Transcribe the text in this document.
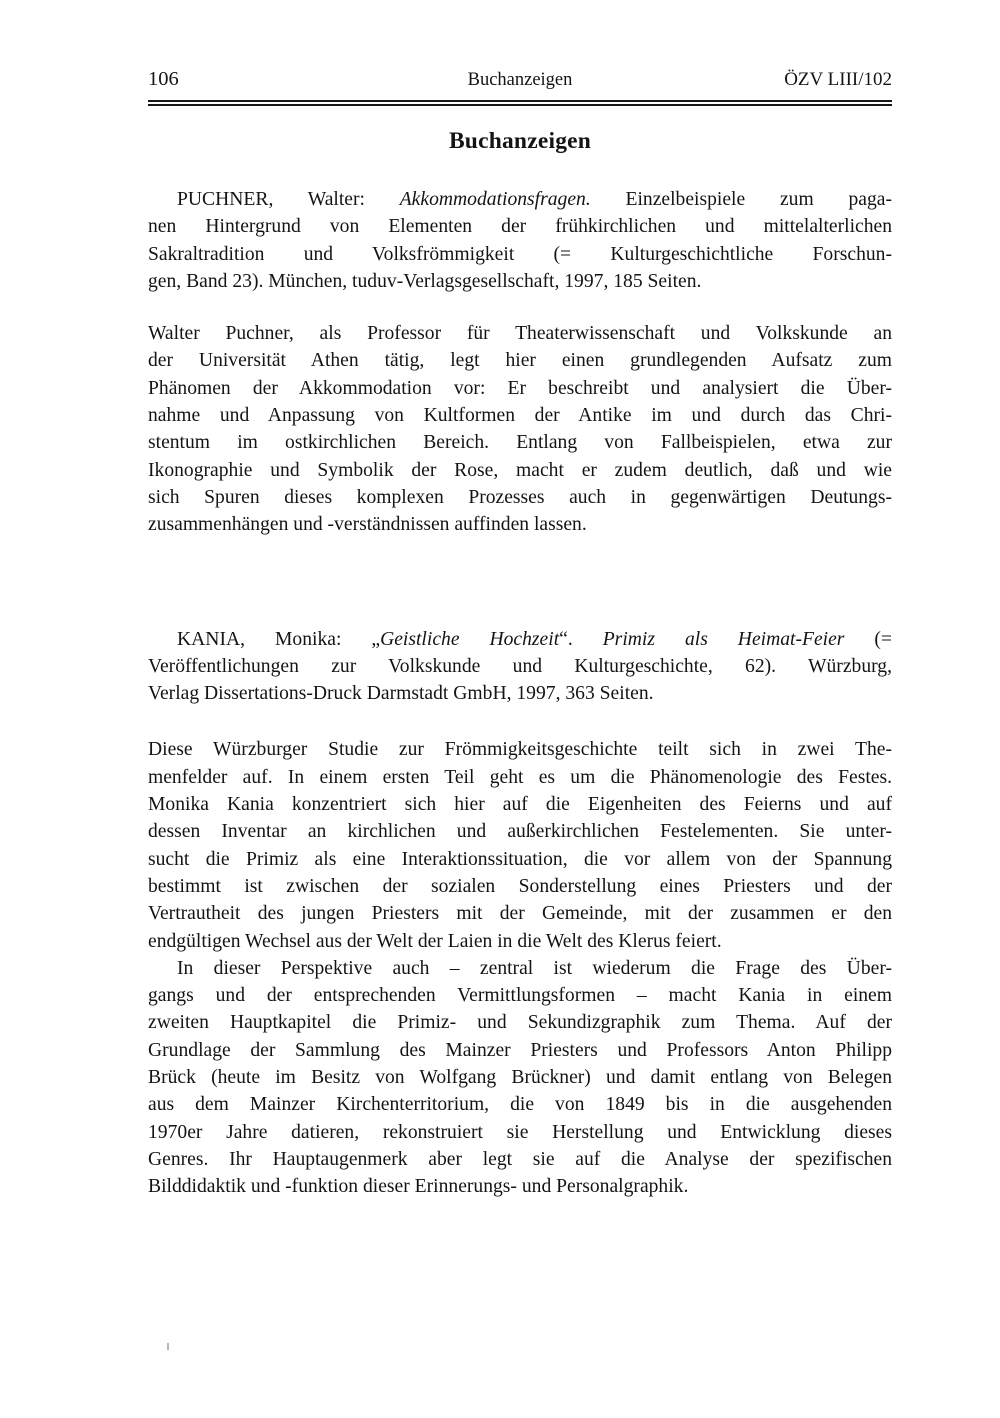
106	Buchanzeigen	ÖZV LIII/102
Buchanzeigen
PUCHNER, Walter: Akkommodationsfragen. Einzelbeispiele zum paga-
nen Hintergrund von Elementen der frühkirchlichen und mittelalterlichen
Sakraltradition und Volksfrömmigkeit (= Kulturgeschichtliche Forschun-
gen, Band 23). München, tuduv-Verlagsgesellschaft, 1997, 185 Seiten.
Walter Puchner, als Professor für Theaterwissenschaft und Volkskunde an
der Universität Athen tätig, legt hier einen grundlegenden Aufsatz zum
Phänomen der Akkommodation vor: Er beschreibt und analysiert die Über-
nahme und Anpassung von Kultformen der Antike im und durch das Chri-
stentum im ostkirchlichen Bereich. Entlang von Fallbeispielen, etwa zur
Ikonographie und Symbolik der Rose, macht er zudem deutlich, daß und wie
sich Spuren dieses komplexen Prozesses auch in gegenwärtigen Deutungs-
zusammenhängen und -verständnissen auffinden lassen.
KANIA, Monika: „Geistliche Hochzeit“. Primiz als Heimat-Feier (=
Veröffentlichungen zur Volkskunde und Kulturgeschichte, 62). Würzburg,
Verlag Dissertations-Druck Darmstadt GmbH, 1997, 363 Seiten.
Diese Würzburger Studie zur Frömmigkeitsgeschichte teilt sich in zwei The-
menfelder auf. In einem ersten Teil geht es um die Phänomenologie des Festes.
Monika Kania konzentriert sich hier auf die Eigenheiten des Feierns und auf
dessen Inventar an kirchlichen und außerkirchlichen Festelementen. Sie unter-
sucht die Primiz als eine Interaktionssituation, die vor allem von der Spannung
bestimmt ist zwischen der sozialen Sonderstellung eines Priesters und der
Vertrautheit des jungen Priesters mit der Gemeinde, mit der zusammen er den
endgültigen Wechsel aus der Welt der Laien in die Welt des Klerus feiert.
In dieser Perspektive auch – zentral ist wiederum die Frage des Über-
gangs und der entsprechenden Vermittlungsformen – macht Kania in einem
zweiten Hauptkapitel die Primiz- und Sekundizgraphik zum Thema. Auf der
Grundlage der Sammlung des Mainzer Priesters und Professors Anton Philipp
Brück (heute im Besitz von Wolfgang Brückner) und damit entlang von Belegen
aus dem Mainzer Kirchenterritorium, die von 1849 bis in die ausgehenden
1970er Jahre datieren, rekonstruiert sie Herstellung und Entwicklung dieses
Genres. Ihr Hauptaugenmerk aber legt sie auf die Analyse der spezifischen
Bilddidaktik und -funktion dieser Erinnerungs- und Personalgraphik.
